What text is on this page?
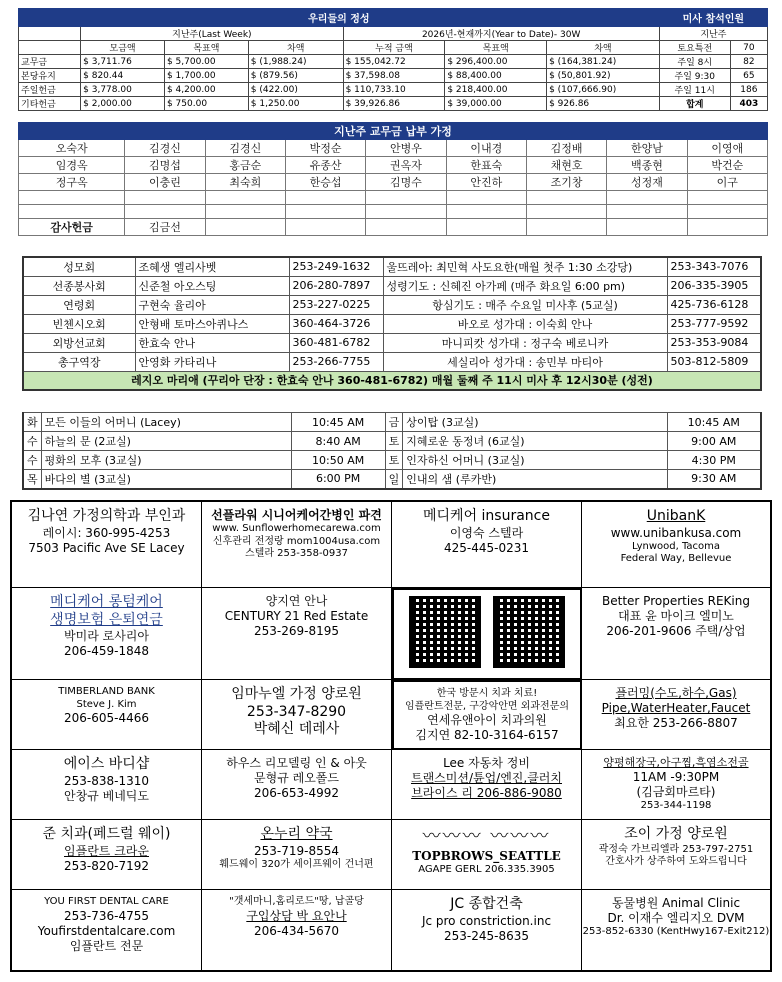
우리들의 정성							미사 참석인원	
	지난주(Last Week)			2026년-현재까지(Year to Date)- 30W			지난주	
	모금액	목표액	차액	누적 금액	목표액	차액	토요특전	70
교무금	$ 3,711.76	$ 5,700.00	$ (1,988.24)	$ 155,042.72	$ 296,400.00	$ (164,381.24)	주일 8시	82
본당유지	$ 820.44	$ 1,700.00	$ (879.56)	$ 37,598.08	$ 88,400.00	$ (50,801.92)	주일 9:30	65
주일헌금	$ 3,778.00	$ 4,200.00	$ (422.00)	$ 110,733.10	$ 218,400.00	$ (107,666.90)	주일 11시	186
기타헌금	$ 2,000.00	$ 750.00	$ 1,250.00	$ 39,926.86	$ 39,000.00	$ 926.86	합계	403
지난주 교무금 납부 가정								
오숙자	김경신	김경신	박정순	안병우	이내경	김정배	한양남	이영애
임경옥	김명섭	홍금순	유종산	권옥자	한표숙	채현호	백종현	박건순
정구옥	이충린	최숙희	한승섭	김명수	안진하	조기창	성정재	이구

감사헌금	김금선							
성모회	조혜생 엘리사벳	253-249-1632	울뜨레아: 최민혁 사도요한(매월 첫주 1:30 소강당)	253-343-7076
선종봉사회	신준철 아오스팅	206-280-7897	성령기도 : 신혜진 아가페 (매주 화요일 6:00 pm)	206-335-3905
연령회	구현숙 율리아	253-227-0225	항심기도 : 매주 수요일 미사후 (5교실)	425-736-6128
빈첸시오회	안형배 토마스아퀴나스	360-464-3726	바오로 성가대 : 이숙희 안나	253-777-9592
외방선교회	한효숙 안나	360-481-6782	마니피캇 성가대 : 정구숙 베로니카	253-353-9084
총구역장	안영화 카타리나	253-266-7755	세실리아 성가대 : 송민부 마티아	503-812-5809
레지오 마리애 (꾸리아 단장 : 한효숙 안나 360-481-6782) 매월 둘째 주 11시 미사 후 12시30분 (성전)				
화	모든 이들의 어머니 (Lacey)	10:45 AM	금	상이탑 (3교실)	10:45 AM
수	하늘의 문 (2교실)	8:40 AM	토	지혜로운 동정녀 (6교실)	9:00 AM
수	평화의 모후 (3교실)	10:50 AM	토	인자하신 어머니 (3교실)	4:30 PM
목	바다의 별 (3교실)	6:00 PM	일	인내의 샘 (루카반)	9:30 AM
김나연 가정의학과 부인과
레이시: 360-995-4253
7503 Pacific Ave SE Lacey
선플라워 시니어케어간병인 파견
www. Sunflowerhomecarewa.com
신후관리 전정랑 mom1004usa.com
스텔라 253-358-0937
메디케어 insurance
이영숙 스텔라
425-445-0231
UnibanK
www.unibankusa.com
Lynwood, Tacoma
Federal Way, Bellevue
메디케어 롱텀케어
생명보험 은퇴연금
박미라 로사리아
206-459-1848
양지연 안나
CENTURY 21 Red Estate
253-269-8195
Better Properties REKing
대표 윤 마이크 엘미노
206-201-9606 주택/상업
TIMBERLAND BANK
Steve J. Kim
206-605-4466
임마누엘 가정 양로원
253-347-8290
박혜신 데레사
한국 방문시 치과 치료!
임플란트전문, 구강악안면 외과전문의
연세유앤아이 치과의원
김지연 82-10-3164-6157
플러밍(수도,하수,Gas)
Pipe,WaterHeater,Faucet
최요한 253-266-8807
에이스 바디샵
253-838-1310
안창규 베네딕도
하우스 리모델링 인 & 아웃
문형규 레오폴드
206-653-4992
Lee 자동차 정비
트랜스미션/튠업/엔진,클러치
브라이스 리 206-886-9080
양평해장국,아구찜,흑염소전골
11AM -9:30PM
(김금회마르타)
253-344-1198
준 치과(페드럴 웨이)
임플란트 크라운
253-820-7192
온누리 약국
253-719-8554
훼드웨이 320가 세이프웨이 건너편
〰〰〰 〰〰〰
TOPBROWS_SEATTLE
AGAPE GERL 206.335.3905
조이 가정 양로원
곽정숙 가브리엘라 253-797-2751
간호사가 상주하여 도와드립니다
YOU FIRST DENTAL CARE
253-736-4755
Youfirstdentalcare.com
임플란트 전문
"갯세마니,홈리로드"땅, 납골당
구입상담 박 요안나
206-434-5670
JC 종합건축
Jc pro constriction.inc
253-245-8635
동물병원 Animal Clinic
Dr. 이재수 엘리지오 DVM
253-852-6330 (KentHwy167-Exit212)
